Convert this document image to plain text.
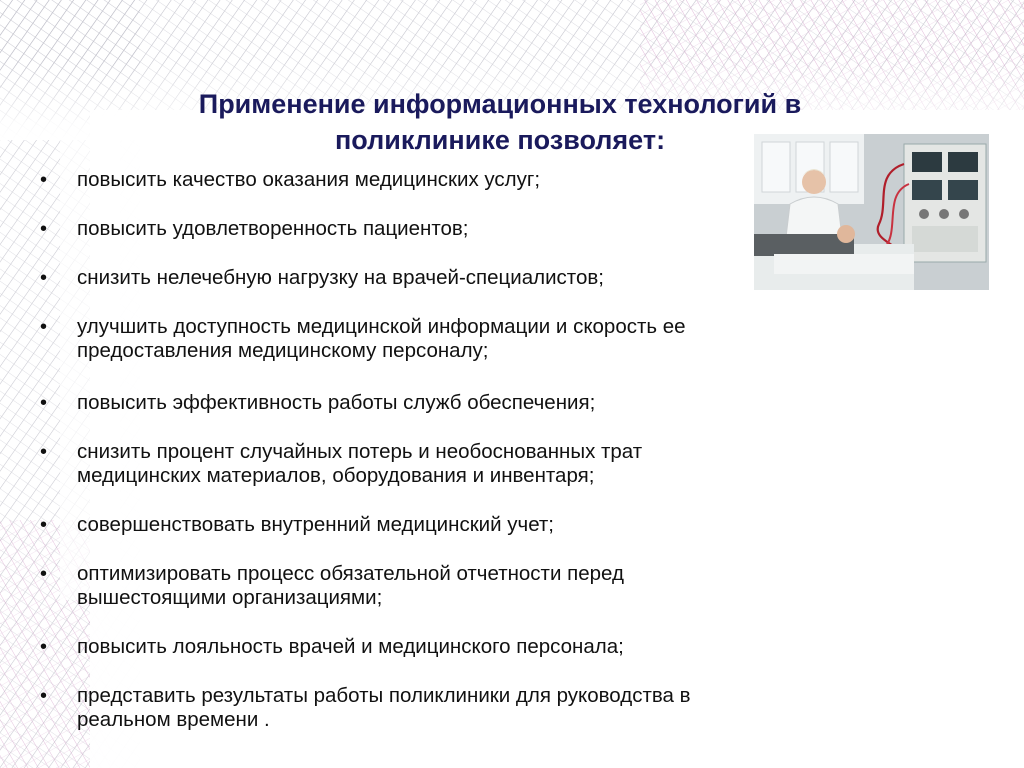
Применение информационных технологий в
поликлинике позволяет:
• повысить качество оказания медицинских услуг;
• повысить удовлетворенность пациентов;
• снизить нелечебную нагрузку на врачей-специалистов;
• улучшить доступность медицинской информации и скорость ее
предоставления медицинскому персоналу;
• повысить эффективность работы служб обеспечения;
• снизить процент случайных потерь и необоснованных трат
медицинских материалов, оборудования и инвентаря;
• совершенствовать внутренний медицинский учет;
• оптимизировать процесс обязательной отчетности перед
вышестоящими организациями;
• повысить лояльность врачей и медицинского персонала;
• представить результаты работы поликлиники для руководства в
реальном времени .
